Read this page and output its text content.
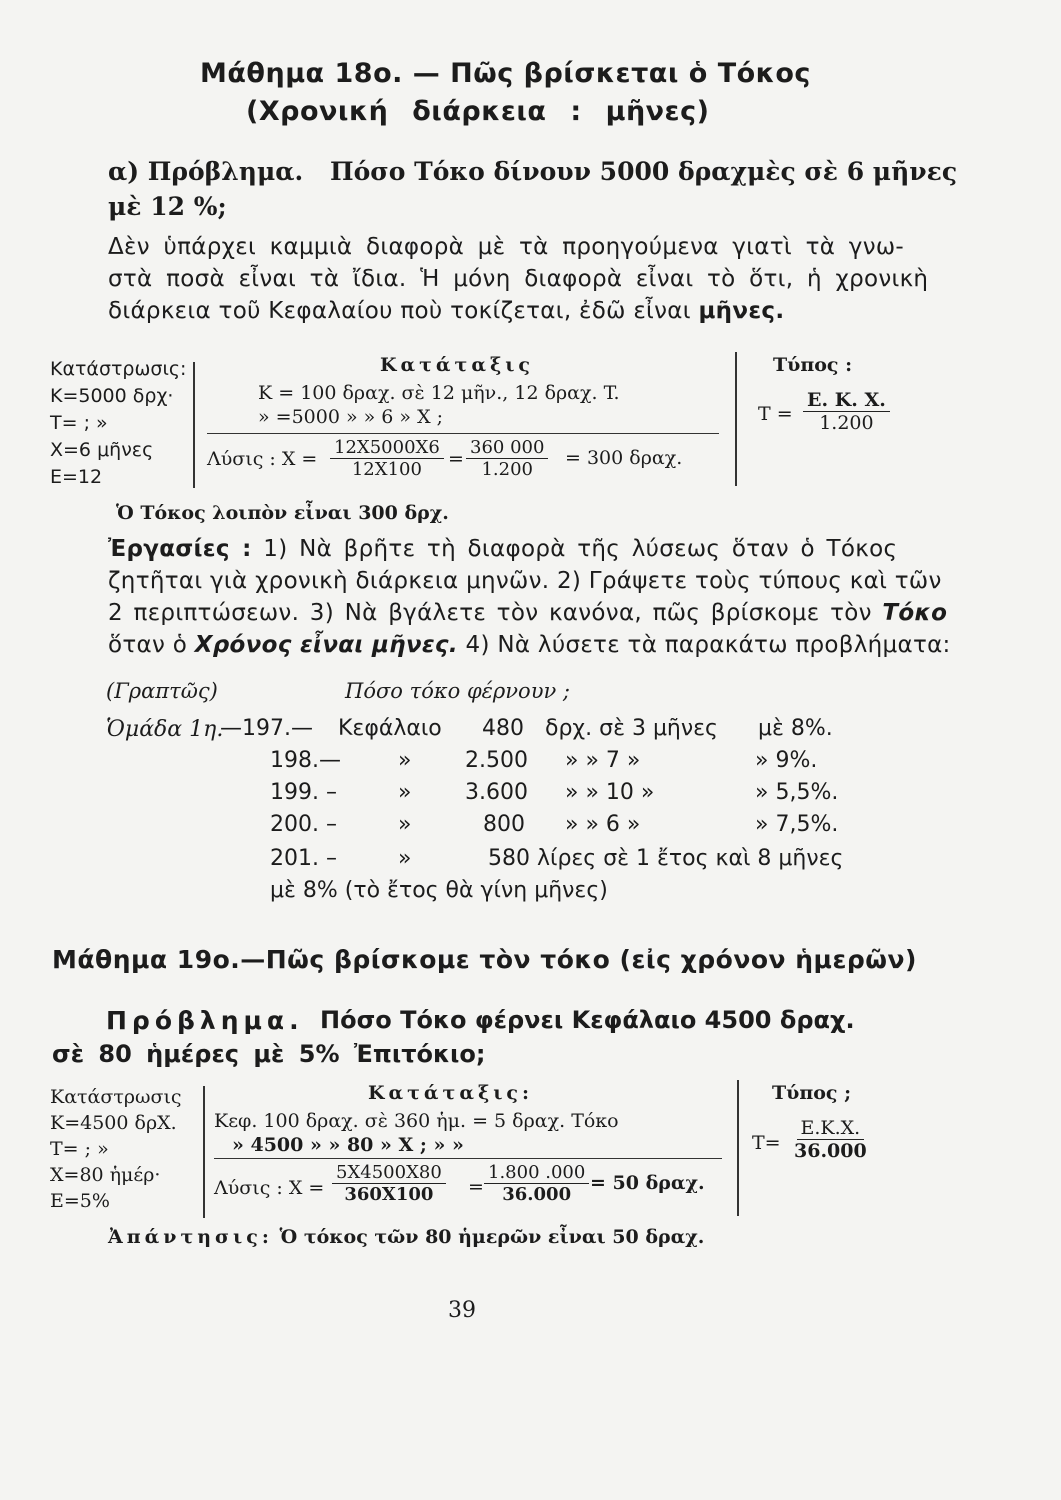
Μάθημα 18ο. — Πῶς βρίσκεται ὁ Τόκος
(Χρονική διάρκεια : μῆνες)
α) Πρόβλημα. Πόσο Τόκο δίνουν 5000 δραχμὲς σὲ 6 μῆνες
μὲ 12 %;
Δὲν ὑπάρχει καμμιὰ διαφορὰ μὲ τὰ προηγούμενα γιατὶ τὰ γνω-
στὰ ποσὰ εἶναι τὰ ἴδια. Ἡ μόνη διαφορὰ εἶναι τὸ ὅτι, ἡ χρονικὴ
διάρκεια τοῦ Κεφαλαίου ποὺ τοκίζεται, ἐδῶ εἶναι μῆνες.
Κατάστρωσις:
K=5000 δρχ·
T= ; »
X=6 μῆνες
E=12
Κατάταξις
K = 100 δραχ. σὲ 12 μῆν., 12 δραχ. T.
» =5000 » » 6 » X ;
Λύσις : $X = \frac{12X5000X6}{12X100} = \frac{360 000}{1.200} = 300$ δραχ.
Τύπος :
$T = \frac{E. K. X.}{1.200}$
Ὁ Τόκος λοιπὸν εἶναι 300 δρχ.
Ἐργασίες : 1) Νὰ βρῆτε τὴ διαφορὰ τῆς λύσεως ὅταν ὁ Τόκος
ζητῆται γιὰ χρονικὴ διάρκεια μηνῶν. 2) Γράψετε τοὺς τύπους καὶ τῶν
2 περιπτώσεων. 3) Νὰ βγάλετε τὸν κανόνα, πῶς βρίσκομε τὸν Τόκο
ὅταν ὁ Χρόνος εἶναι μῆνες. 4) Νὰ λύσετε τὰ παρακάτω προβλήματα:
(Γραπτῶς)	Πόσο τόκο φέρνουν ;
Ὁμάδα 1η.
—197.— Κεφάλαιο 480 δρχ. σὲ 3 μῆνες μὲ 8%.
198.—	» 2.500 » » 7 »	» 9%.
199. –	» 3.600 » » 10 »	» 5,5%.
200. –	»	800 » » 6 »	» 7,5%.
201. –	»	580 λίρες σὲ 1 ἔτος καὶ 8 μῆνες
μὲ 8% (τὸ ἔτος θὰ γίνη μῆνες)
Μάθημα 19ο.—Πῶς βρίσκομε τὸν τόκο (εἰς χρόνον ἡμερῶν)
Πρόβλημα. Πόσο Τόκο φέρνει Κεφάλαιο 4500 δραχ.
σὲ 80 ἡμέρες μὲ 5% Ἐπιτόκιο;
Κατάστρωσις
K=4500 δρΧ.
T= ; »
X=80 ἡμέρ·
E=5%
Κατάταξις:
Κεφ. 100 δραχ. σὲ 360 ἡμ. = 5 δραχ. Τόκο
» 4500 » » 80 » X ; » »
Λύσις : $X = \frac{5X4500X80}{360X100} = \frac{1.800 .000}{36.000} = 50$ δραχ.
Τύπος ;
$T= \frac{E.K.X.}{36.000}$
Ἀπάντησις: Ὁ τόκος τῶν 80 ἡμερῶν εἶναι 50 δραχ.
39
